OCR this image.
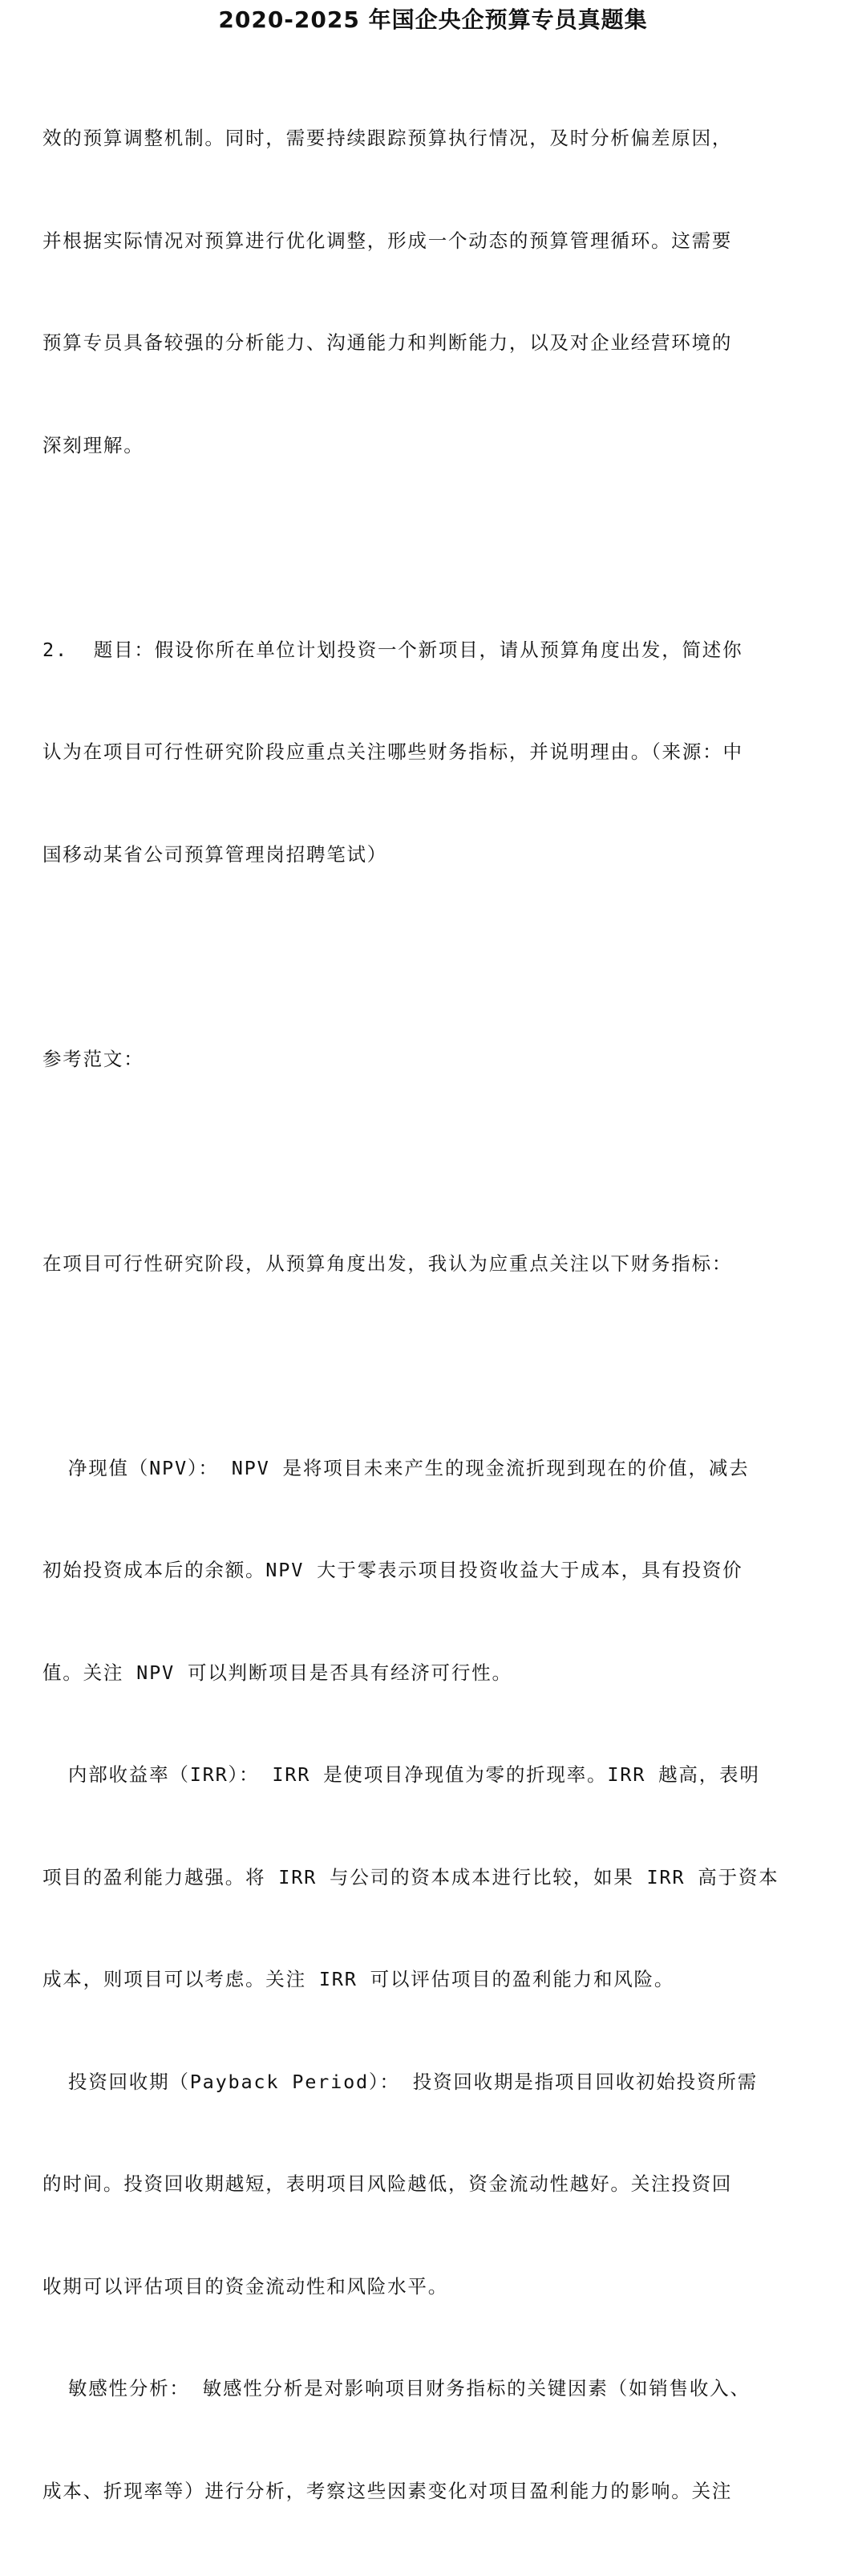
2020-2025 年国企央企预算专员真题集

效的预算调整机制。同时，需要持续跟踪预算执行情况，及时分析偏差原因，

并根据实际情况对预算进行优化调整，形成一个动态的预算管理循环。这需要

预算专员具备较强的分析能力、沟通能力和判断能力，以及对企业经营环境的

深刻理解。

2.  题目：假设你所在单位计划投资一个新项目，请从预算角度出发，简述你

认为在项目可行性研究阶段应重点关注哪些财务指标，并说明理由。（来源：中

国移动某省公司预算管理岗招聘笔试）

参考范文：

在项目可行性研究阶段，从预算角度出发，我认为应重点关注以下财务指标：

净现值（NPV）： NPV 是将项目未来产生的现金流折现到现在的价值，减去

初始投资成本后的余额。NPV 大于零表示项目投资收益大于成本，具有投资价

值。关注 NPV 可以判断项目是否具有经济可行性。

内部收益率（IRR）： IRR 是使项目净现值为零的折现率。IRR 越高，表明

项目的盈利能力越强。将 IRR 与公司的资本成本进行比较，如果 IRR 高于资本

成本，则项目可以考虑。关注 IRR 可以评估项目的盈利能力和风险。

投资回收期（Payback Period）： 投资回收期是指项目回收初始投资所需

的时间。投资回收期越短，表明项目风险越低，资金流动性越好。关注投资回

收期可以评估项目的资金流动性和风险水平。

敏感性分析： 敏感性分析是对影响项目财务指标的关键因素（如销售收入、

成本、折现率等）进行分析，考察这些因素变化对项目盈利能力的影响。关注
